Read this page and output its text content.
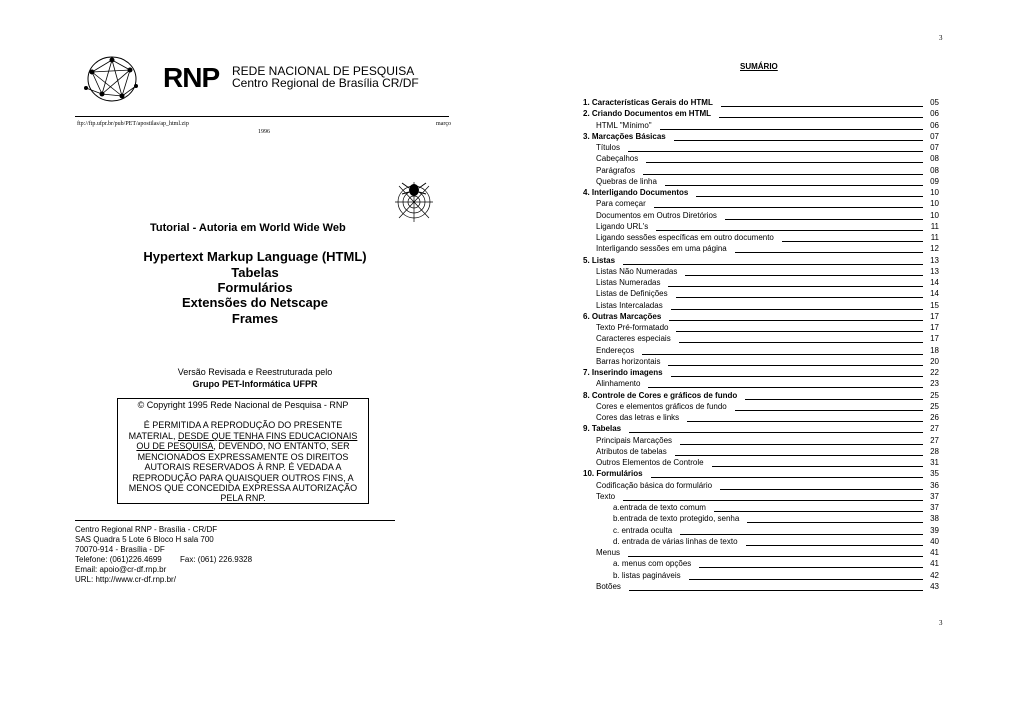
3
3
RNP REDE NACIONAL DE PESQUISA
Centro Regional de Brasília CR/DF
ftp://ftp.ufpr.br/pub/PET/apostilas/ap_html.zip	março
1996
Tutorial - Autoria em World Wide Web
Hypertext Markup Language (HTML)
Tabelas
Formulários
Extensões do Netscape
Frames
Versão Revisada e Reestruturada pelo
Grupo PET-Informática UFPR
© Copyright 1995 Rede Nacional de Pesquisa - RNP
É PERMITIDA A REPRODUÇÃO DO PRESENTE
MATERIAL, DESDE QUE TENHA FINS EDUCACIONAIS
OU DE PESQUISA, DEVENDO, NO ENTANTO, SER
MENCIONADOS EXPRESSAMENTE OS DIREITOS
AUTORAIS RESERVADOS À RNP. É VEDADA A
REPRODUÇÃO PARA QUAISQUER OUTROS FINS, A
MENOS QUE CONCEDIDA EXPRESSA AUTORIZAÇÃO
PELA RNP.
Centro Regional RNP - Brasília - CR/DF
SAS Quadra 5 Lote 6 Bloco H sala 700
70070-914 - Brasília - DF
Telefone: (061)226.4699 Fax: (061) 226.9328
Email: apoio@cr-df.rnp.br
URL: http://www.cr-df.rnp.br/
SUMÁRIO
1. Características Gerais do HTML	05
2. Criando Documentos em HTML	06
HTML "Mínimo"	06
3. Marcações Básicas	07
Títulos	07
Cabeçalhos	08
Parágrafos	08
Quebras de linha	09
4. Interligando Documentos	10
Para começar	10
Documentos em Outros Diretórios	10
Ligando URL's	11
Ligando sessões específicas em outro documento	11
Interligando sessões em uma página	12
5. Listas	13
Listas Não Numeradas	13
Listas Numeradas	14
Listas de Definições	14
Listas Intercaladas	15
6. Outras Marcações	17
Texto Pré-formatado	17
Caracteres especiais	17
Endereços	18
Barras horizontais	20
7. Inserindo imagens	22
Alinhamento	23
8. Controle de Cores e gráficos de fundo	25
Cores e elementos gráficos de fundo	25
Cores das letras e links	26
9. Tabelas	27
Principais Marcações	27
Atributos de tabelas	28
Outros Elementos de Controle	31
10. Formulários	35
Codificação básica do formulário	36
Texto	37
a.entrada de texto comum	37
b.entrada de texto protegido, senha	38
c. entrada oculta	39
d. entrada de várias linhas de texto	40
Menus	41
a. menus com opções	41
b. listas pagináveis	42
Botões	43
